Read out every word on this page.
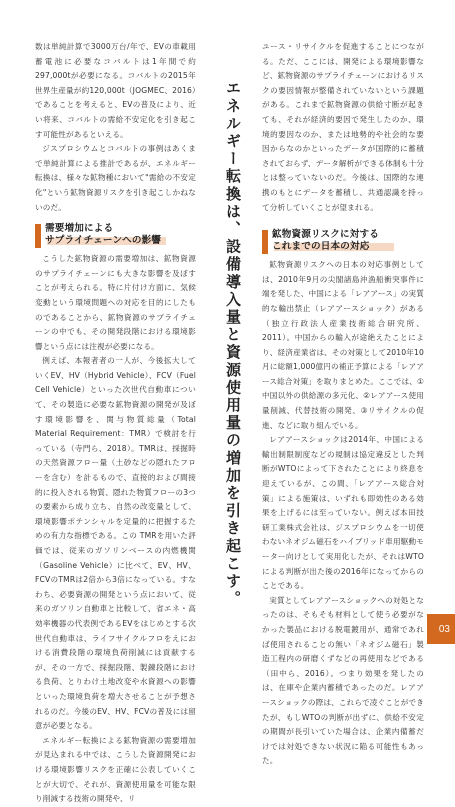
数は単純計算で3000万台/年で、EVの車載用蓄電池に必要なコバルトは1年間で約297,000tが必要になる。コバルトの2015年世界生産量が約120,000t（JOGMEC、2016）であることを考えると、EVの普及により、近い将来、コバルトの需給不安定化を引き起こす可能性があるといえる。

ジスプロシウムとコバルトの事例はあくまで単純計算による推計であるが、エネルギー転換は、様々な鉱物種において"需給の不安定化"という鉱物資源リスクを引き起こしかねないのだ。

需要増加による
サプライチェーンへの影響

こうした鉱物資源の需要増加は、鉱物資源のサプライチェーンにも大きな影響を及ぼすことが考えられる。特に片付け方面に、気候変動という環境問題への対応を目的にしたものであることから、鉱物資源のサプライチェーンの中でも、その開発段階における環境影響という点には注視が必要になる。

例えば、本報者者の一人が、今後拡大していくEV、HV（Hybrid Vehicle）、FCV（Fuel Cell Vehicle）といった次世代自動車について、その製造に必要な鉱物資源の開発が及ぼす環境影響を、関与物質総量（Total Material Requirement：TMR）で検討を行っている（寺門ら、2018）。TMRは、採掘時の天然資源フロー量（土砂などの隠れたフローを含む）を計るもので、直接的および間接的に投入される物質、隠れた物質フローの3つの要素から成り立ち、自然の改変量として、環境影響ポテンシャルを定量的に把握するための有力な指標である。この TMRを用いた評価では、従来のガソリンベースの内燃機関（Gasoline Vehicle）に比べて、EV、HV、FCVのTMRは2倍から3倍になっている。すなわち、必要資源の開発という点において、従来のガソリン自動車と比較して、省エネ・高効率機器の代表例であるEVをはじめとする次世代自動車は、ライフサイクルフロをえにおける消費段階の環境負荷削減には貢献するが、その一方で、採掘段階、製錬段階における負荷、とりわけ土地改変や水資源への影響といった環境負荷を増大させることが予想されるのだ。今後のEV、HV、FCVの普及には留意が必要となる。

エネルギー転換による鉱物資源の需要増加が見込まれる中では、こうした資源開発における環境影響リスクを正確に公表していくことが大切で、それが、資源使用量を可能な限り削減する技術の開発や、リ

エネルギー転換は、設備導入量と資源使用量の増加を引き起こす。

ユース・リサイクルを促進することにつながる。ただ、ここには、開発による環境影響など、鉱物資源のサプライチェーンにおけるリスクの要因情報が整備されていないという課題がある。これまで鉱物資源の供給寸断が起きても、それが経済的要因で発生したのか、環境的要因なのか、または地勢的や社会的な要因からなのかといったデータが国際的に蓄積されておらず、データ解析ができる体制も十分とは整っていないのだ。今後は、国際的な連携のもとにデータを蓄積し、共通認識を持って分析していくことが望まれる。

鉱物資源リスクに対する
これまでの日本の対応

鉱物資源リスクへの日本の対応事例としては、2010年9月の尖閣諸島沖漁船衝突事件に端を発した、中国による「レアアース」の実質的な輸出禁止（レアアースショック）がある（独立行政法人産業技術総合研究所、2011）。中国からの輸入が途絶えたことにより、経済産業省は、その対策として2010年10月に総額1,000億円の補正予算による「レアアース総合対策」を取りまとめた。ここでは、①中国以外の供給源の多元化、②レアアース使用量削減、代替技術の開発、③リサイクルの促進、などに取り組んでいる。

レアアースショックは2014年、中国による輸出制限制度などの規制は協定違反とした判断がWTOによって下されたことにより終息を迎えているが、この間、「レアアース総合対策」による施策は、いずれも即効性のある効果を上げるには至っていない。例えば本田技研工業株式会社は、ジスプロシウムを一切使わないネオジム磁石をハイブリッド車用駆動モーター向けとして実用化したが、それはWTOによる判断が出た後の2016年になってからのことである。

実質としてレアアースショックへの対処となったのは、そもそも材料として使う必要がなかった製品における脱電鍍用が、通常であれば使用されることの無い「ネオジム磁石」製造工程内の研磨くずなどの再使用などである（田中ら、2016）。つまり効果を発したのは、在庫や企業内蓄積であったのだ。レアアースショックの際は、これらで凌ぐことができたが、もしWTOの判断が出ずに、供給不安定の期間が長引いていた場合は、企業内備蓄だけでは対処できない状況に陥る可能性もあった。

03
